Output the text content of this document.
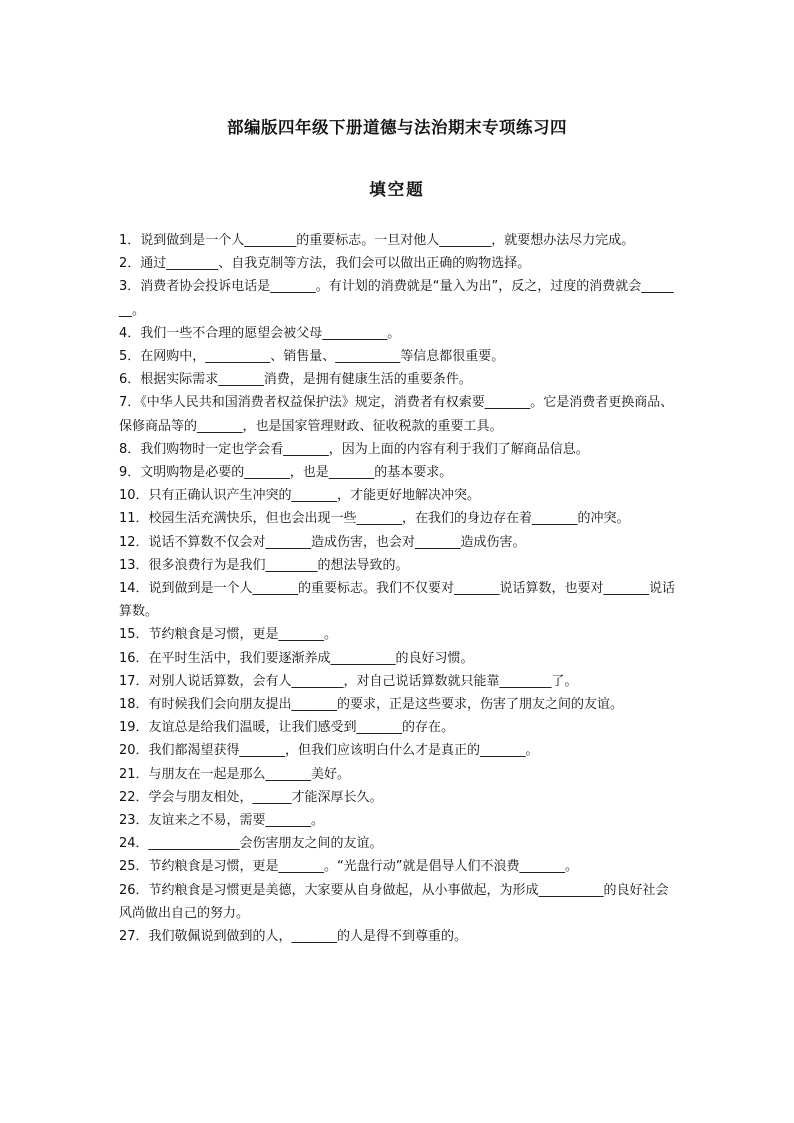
部编版四年级下册道德与法治期末专项练习四
填空题

1．说到做到是一个人________的重要标志。一旦对他人________，就要想办法尽力完成。

2．通过________、自我克制等方法，我们会可以做出正确的购物选择。

3．消费者协会投诉电话是_______。有计划的消费就是“量入为出”，反之，过度的消费就会_______。

4．我们一些不合理的愿望会被父母__________。

5．在网购中，__________、销售量、__________等信息都很重要。

6．根据实际需求_______消费，是拥有健康生活的重要条件。

7．《中华人民共和国消费者权益保护法》规定，消费者有权索要_______。它是消费者更换商品、保修商品等的_______，也是国家管理财政、征收税款的重要工具。

8．我们购物时一定也学会看_______，因为上面的内容有利于我们了解商品信息。

9．文明购物是必要的_______，也是_______的基本要求。

10．只有正确认识产生冲突的_______，才能更好地解决冲突。

11．校园生活充满快乐，但也会出现一些_______，在我们的身边存在着_______的冲突。

12．说话不算数不仅会对_______造成伤害，也会对_______造成伤害。

13．很多浪费行为是我们________的想法导致的。

14．说到做到是一个人_______的重要标志。我们不仅要对_______说话算数，也要对_______说话算数。

15．节约粮食是习惯，更是_______。

16．在平时生活中，我们要逐渐养成__________的良好习惯。

17．对别人说话算数，会有人________，对自己说话算数就只能靠________了。

18．有时候我们会向朋友提出_______的要求，正是这些要求，伤害了朋友之间的友谊。

19．友谊总是给我们温暖，让我们感受到_______的存在。

20．我们都渴望获得_______，但我们应该明白什么才是真正的_______。

21．与朋友在一起是那么_______美好。

22．学会与朋友相处，______才能深厚长久。

23．友谊来之不易，需要_______。

24．______________会伤害朋友之间的友谊。

25．节约粮食是习惯，更是_______。“光盘行动”就是倡导人们不浪费_______。

26．节约粮食是习惯更是美德，大家要从自身做起，从小事做起，为形成__________的良好社会风尚做出自己的努力。

27．我们敬佩说到做到的人，_______的人是得不到尊重的。
